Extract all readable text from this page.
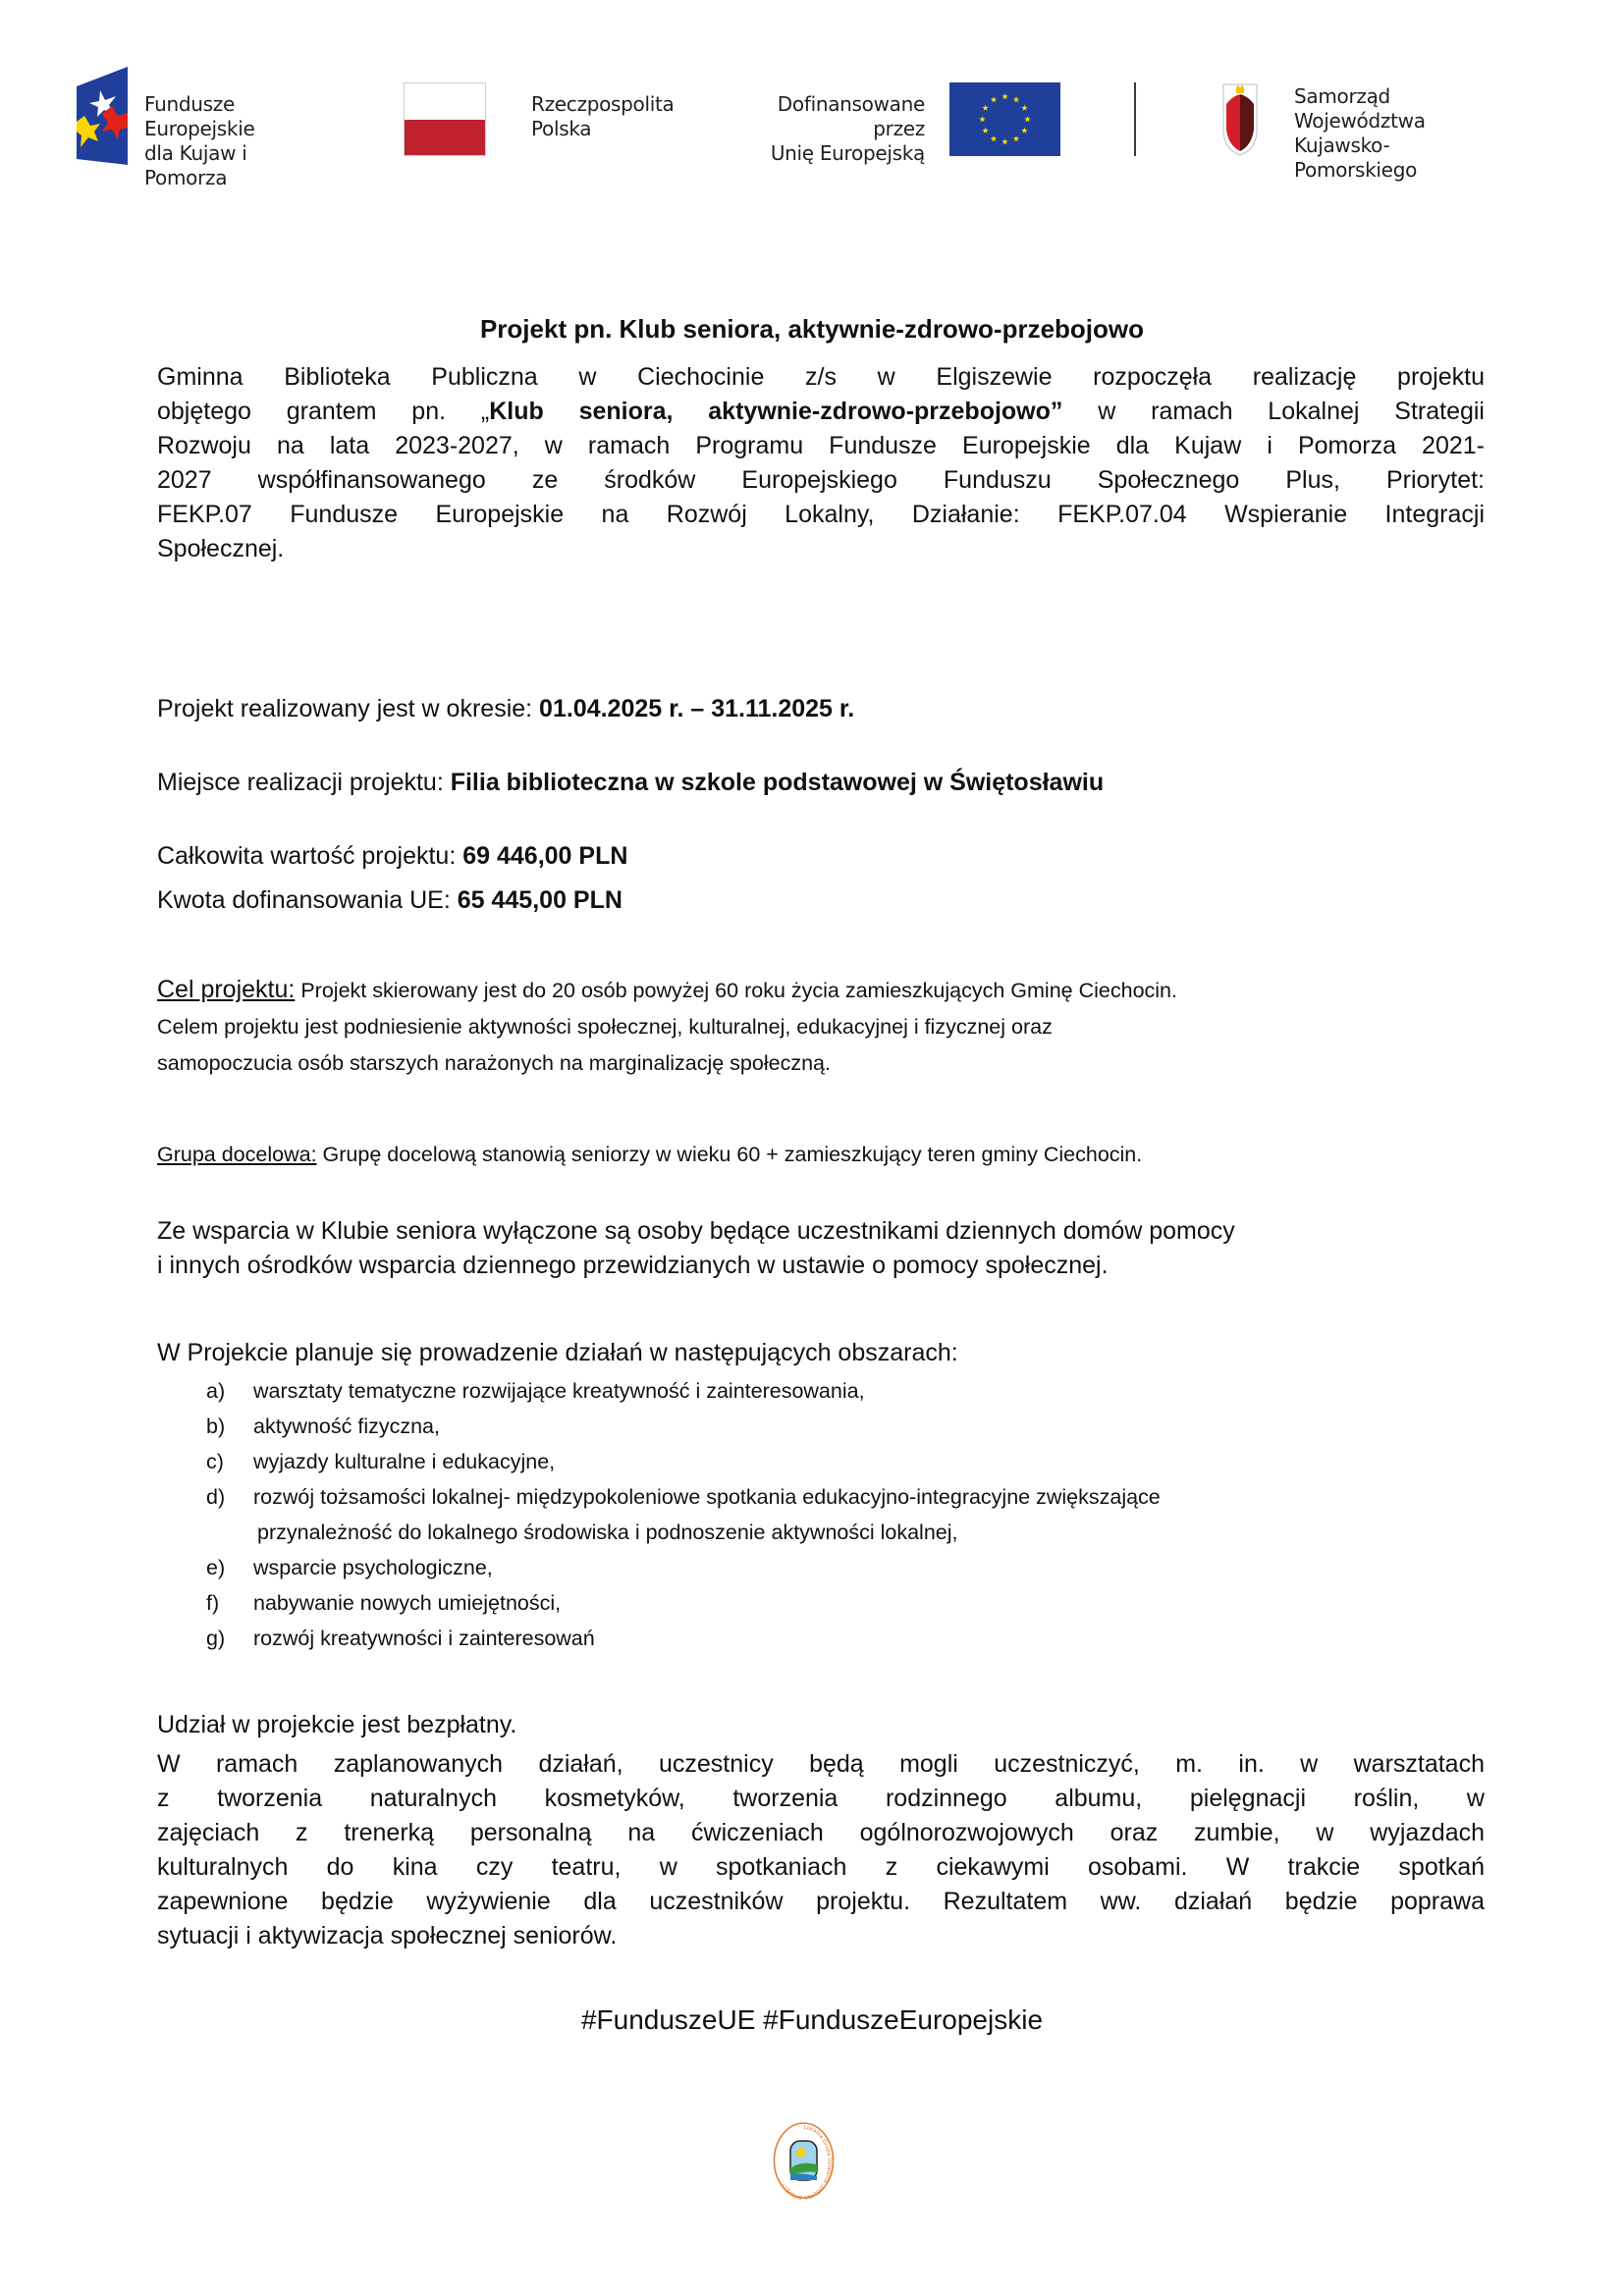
Fundusze Europejskie
dla Kujaw i Pomorza
Rzeczpospolita
Polska
Dofinansowane przez
Unię Europejską
Samorząd Województwa
Kujawsko-Pomorskiego
Projekt pn. Klub seniora, aktywnie-zdrowo-przebojowo
Gminna Biblioteka Publiczna w Ciechocinie z/s w Elgiszewie rozpoczęła realizację projektu
objętego grantem pn. „Klub seniora, aktywnie-zdrowo-przebojowo” w ramach Lokalnej Strategii
Rozwoju na lata 2023-2027, w ramach Programu Fundusze Europejskie dla Kujaw i Pomorza 2021-
2027 współfinansowanego ze środków Europejskiego Funduszu Społecznego Plus, Priorytet:
FEKP.07 Fundusze Europejskie na Rozwój Lokalny, Działanie: FEKP.07.04 Wspieranie Integracji
Społecznej.
Projekt realizowany jest w okresie: 01.04.2025 r. – 31.11.2025 r.
Miejsce realizacji projektu: Filia biblioteczna w szkole podstawowej w Świętosławiu
Całkowita wartość projektu: 69 446,00 PLN
Kwota dofinansowania UE: 65 445,00 PLN
Cel projektu: Projekt skierowany jest do 20 osób powyżej 60 roku życia zamieszkujących Gminę Ciechocin.
Celem projektu jest podniesienie aktywności społecznej, kulturalnej, edukacyjnej i fizycznej oraz
samopoczucia osób starszych narażonych na marginalizację społeczną.
Grupa docelowa: Grupę docelową stanowią seniorzy w wieku 60 + zamieszkujący teren gminy Ciechocin.
Ze wsparcia w Klubie seniora wyłączone są osoby będące uczestnikami dziennych domów pomocy
i innych ośrodków wsparcia dziennego przewidzianych w ustawie o pomocy społecznej.
W Projekcie planuje się prowadzenie działań w następujących obszarach:
a) warsztaty tematyczne rozwijające kreatywność i zainteresowania,
b) aktywność fizyczna,
c) wyjazdy kulturalne i edukacyjne,
d) rozwój tożsamości lokalnej- międzypokoleniowe spotkania edukacyjno-integracyjne zwiększające
przynależność do lokalnego środowiska i podnoszenie aktywności lokalnej,
e) wsparcie psychologiczne,
f) nabywanie nowych umiejętności,
g) rozwój kreatywności i zainteresowań
Udział w projekcie jest bezpłatny.
W ramach zaplanowanych działań, uczestnicy będą mogli uczestniczyć, m. in. w warsztatach
z tworzenia naturalnych kosmetyków, tworzenia rodzinnego albumu, pielęgnacji roślin, w
zajęciach z trenerką personalną na ćwiczeniach ogólnorozwojowych oraz zumbie, w wyjazdach
kulturalnych do kina czy teatru, w spotkaniach z ciekawymi osobami. W trakcie spotkań
zapewnione będzie wyżywienie dla uczestników projektu. Rezultatem ww. działań będzie poprawa
sytuacji i aktywizacja społecznej seniorów.
#FunduszeUE #FunduszeEuropejskie
Lokalna Grupa Działania „DOLINA DRWĘCY”
